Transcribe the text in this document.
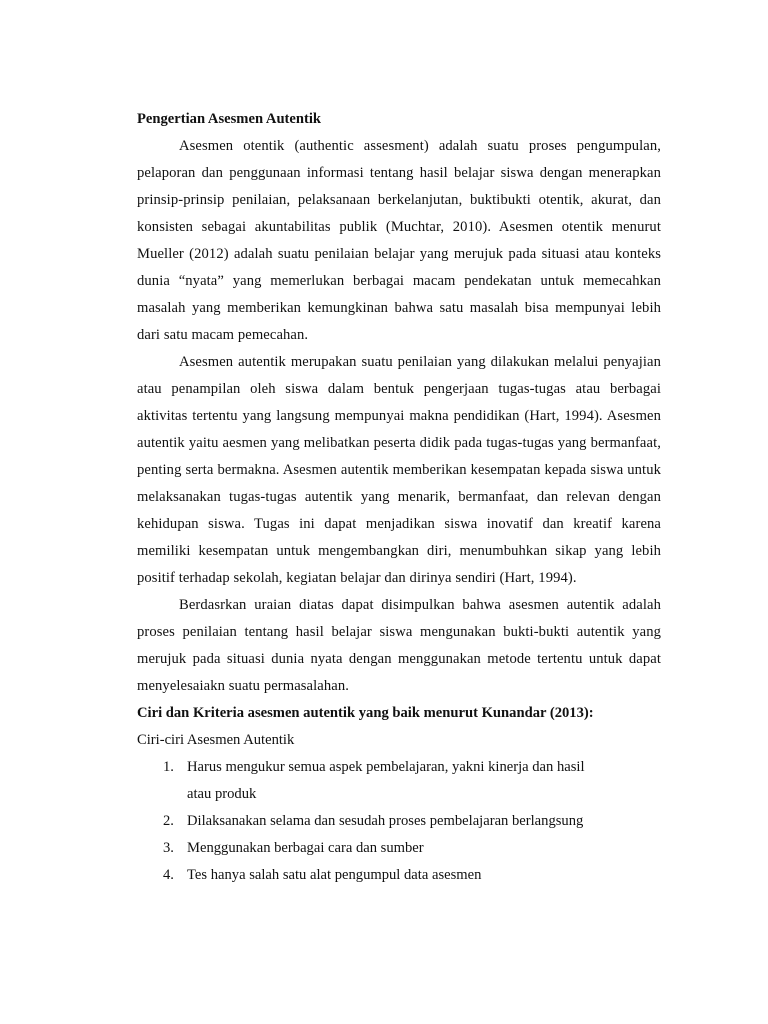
Pengertian Asesmen Autentik

Asesmen otentik (authentic assesment) adalah suatu proses pengumpulan, pelaporan dan penggunaan informasi tentang hasil belajar siswa dengan menerapkan prinsip-prinsip penilaian, pelaksanaan berkelanjutan, buktibukti otentik, akurat, dan konsisten sebagai akuntabilitas publik (Muchtar, 2010). Asesmen otentik menurut Mueller (2012) adalah suatu penilaian belajar yang merujuk pada situasi atau konteks dunia “nyata” yang memerlukan berbagai macam pendekatan untuk memecahkan masalah yang memberikan kemungkinan bahwa satu masalah bisa mempunyai lebih dari satu macam pemecahan.

Asesmen autentik merupakan suatu penilaian yang dilakukan melalui penyajian atau penampilan oleh siswa dalam bentuk pengerjaan tugas-tugas atau berbagai aktivitas tertentu yang langsung mempunyai makna pendidikan (Hart, 1994). Asesmen autentik yaitu aesmen yang melibatkan peserta didik pada tugas-tugas yang bermanfaat, penting serta bermakna. Asesmen autentik memberikan kesempatan kepada siswa untuk melaksanakan tugas-tugas autentik yang menarik, bermanfaat, dan relevan dengan kehidupan siswa. Tugas ini dapat menjadikan siswa inovatif dan kreatif karena memiliki kesempatan untuk mengembangkan diri, menumbuhkan sikap yang lebih positif terhadap sekolah, kegiatan belajar dan dirinya sendiri (Hart, 1994).

Berdasrkan uraian diatas dapat disimpulkan bahwa asesmen autentik adalah proses penilaian tentang hasil belajar siswa mengunakan bukti-bukti autentik yang merujuk pada situasi dunia nyata dengan menggunakan metode tertentu untuk dapat menyelesaiakn suatu permasalahan.

Ciri dan Kriteria asesmen autentik yang baik menurut Kunandar (2013):

Ciri-ciri Asesmen Autentik

1. Harus mengukur semua aspek pembelajaran, yakni kinerja dan hasil atau produk
2. Dilaksanakan selama dan sesudah proses pembelajaran berlangsung
3. Menggunakan berbagai cara dan sumber
4. Tes hanya salah satu alat pengumpul data asesmen
